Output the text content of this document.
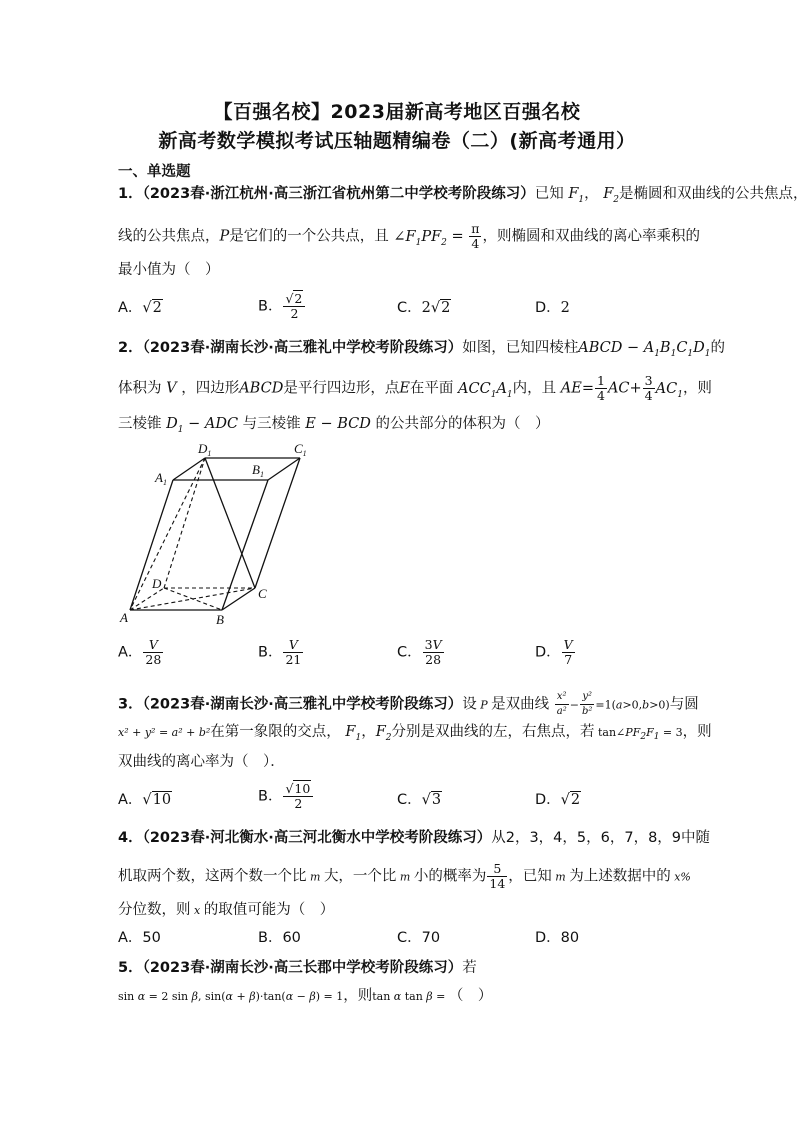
【百强名校】2023届新高考地区百强名校
新高考数学模拟考试压轴题精编卷（二）(新高考通用）
一、单选题
1．（2023春·浙江杭州·高三浙江省杭州第二中学校考阶段练习）已知 $F_1$， $F_2$是椭圆和双曲线的公共焦点，
线的公共焦点，P是它们的一个公共点，且 $\angle F_1PF_2 = \frac{\pi}{4}$ ，则椭圆和双曲线的离心率乘积的
最小值为（　）
A．√2	B． $\frac{√2}{2}$	C．2√2	D．2
2．（2023春·湖南长沙·高三雅礼中学校考阶段练习）如图，已知四棱柱ABCD − $A_1B_1C_1D_1$的
体积为 V ，四边形ABCD是平行四边形，点E在平面 $ACC_1A_1$内，且 $AE= \frac{1}{4} AC+ \frac{3}{4} AC_1$，则
三棱锥 $D_1$ − ADC 与三棱锥 E − BCD 的公共部分的体积为（　）
$D_1$	$C_1$
$A_1$
$B_1$
D
C
A	B
A． $\frac{V}{28}$	B． $\frac{V}{21}$	C． $\frac{3V}{28}$	D． $\frac{V}{7}$
3．（2023春·湖南长沙·高三雅礼中学校考阶段练习）设 P 是双曲线 $\frac{\text{x²}}{\text{a²}} - \frac{\text{y²}}{\text{b²}} =1(a>0,b>0)$与圆
x² + y² = a² + b²在第一象限的交点， $F_1$，$F_2$分别是双曲线的左，右焦点，若 $\tan\angle PF_2F_1 = 3$，则
双曲线的离心率为（　）．
A．√10	B． $\frac{√10}{2}$	C．√3	D．√2
4．（2023春·河北衡水·高三河北衡水中学校考阶段练习）从2，3，4，5，6，7，8，9中随
机取两个数，这两个数一个比 m 大，一个比 m 小的概率为 $\frac{5}{14}$ ，已知 m 为上述数据中的 x%
分位数，则 x 的取值可能为（　）
A．50	B．60	C．70	D．80
5．（2023春·湖南长沙·高三长郡中学校考阶段练习）若
sin α = 2 sin β, sin(α + β)·tan(α − β) = 1，则tan α tan β = （　）
